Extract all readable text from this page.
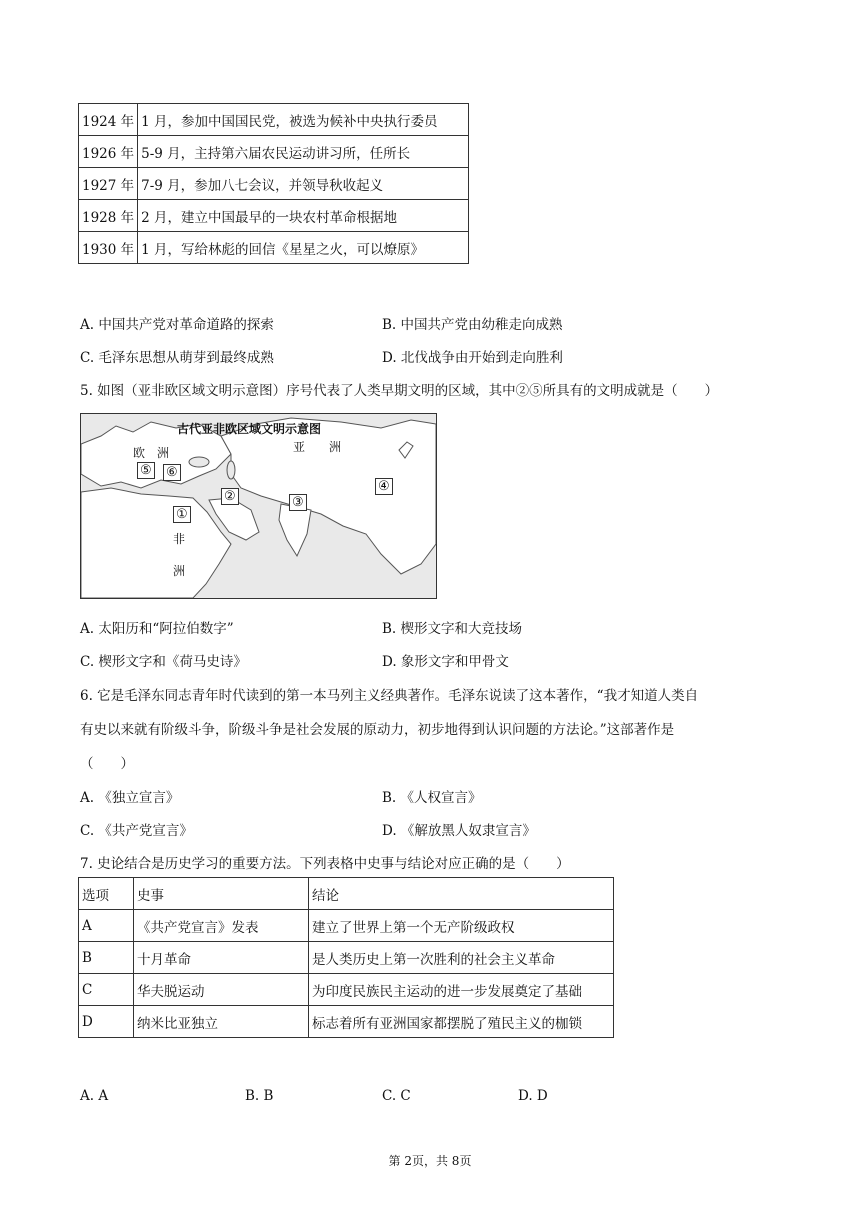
1924 年	1 月，参加中国国民党，被选为候补中央执行委员
1926 年	5-9 月，主持第六届农民运动讲习所，任所长
1927 年	7-9 月，参加八七会议，并领导秋收起义
1928 年	2 月，建立中国最早的一块农村革命根据地
1930 年	1 月，写给林彪的回信《星星之火，可以燎原》
A. 中国共产党对革命道路的探索	B. 中国共产党由幼稚走向成熟
C. 毛泽东思想从萌芽到最终成熟	D. 北伐战争由开始到走向胜利
5. 如图（亚非欧区域文明示意图）序号代表了人类早期文明的区域，其中②⑤所具有的文明成就是（　　）
古代亚非欧区域文明示意图
欧　洲	亚　　洲
非
洲
⑤ ⑥
②
①
③
④
A. 太阳历和“阿拉伯数字”	B. 楔形文字和大竞技场
C. 楔形文字和《荷马史诗》	D. 象形文字和甲骨文
6. 它是毛泽东同志青年时代读到的第一本马列主义经典著作。毛泽东说读了这本著作，“我才知道人类自
有史以来就有阶级斗争，阶级斗争是社会发展的原动力，初步地得到认识问题的方法论。”这部著作是
（　　）
A. 《独立宣言》	B. 《人权宣言》
C. 《共产党宣言》	D. 《解放黑人奴隶宣言》
7. 史论结合是历史学习的重要方法。下列表格中史事与结论对应正确的是（　　）
选项	史事	结论
A	《共产党宣言》发表	建立了世界上第一个无产阶级政权
B	十月革命	是人类历史上第一次胜利的社会主义革命
C	华夫脱运动	为印度民族民主运动的进一步发展奠定了基础
D	纳米比亚独立	标志着所有亚洲国家都摆脱了殖民主义的枷锁
A. A	B. B	C. C	D. D
第 2页，共 8页
